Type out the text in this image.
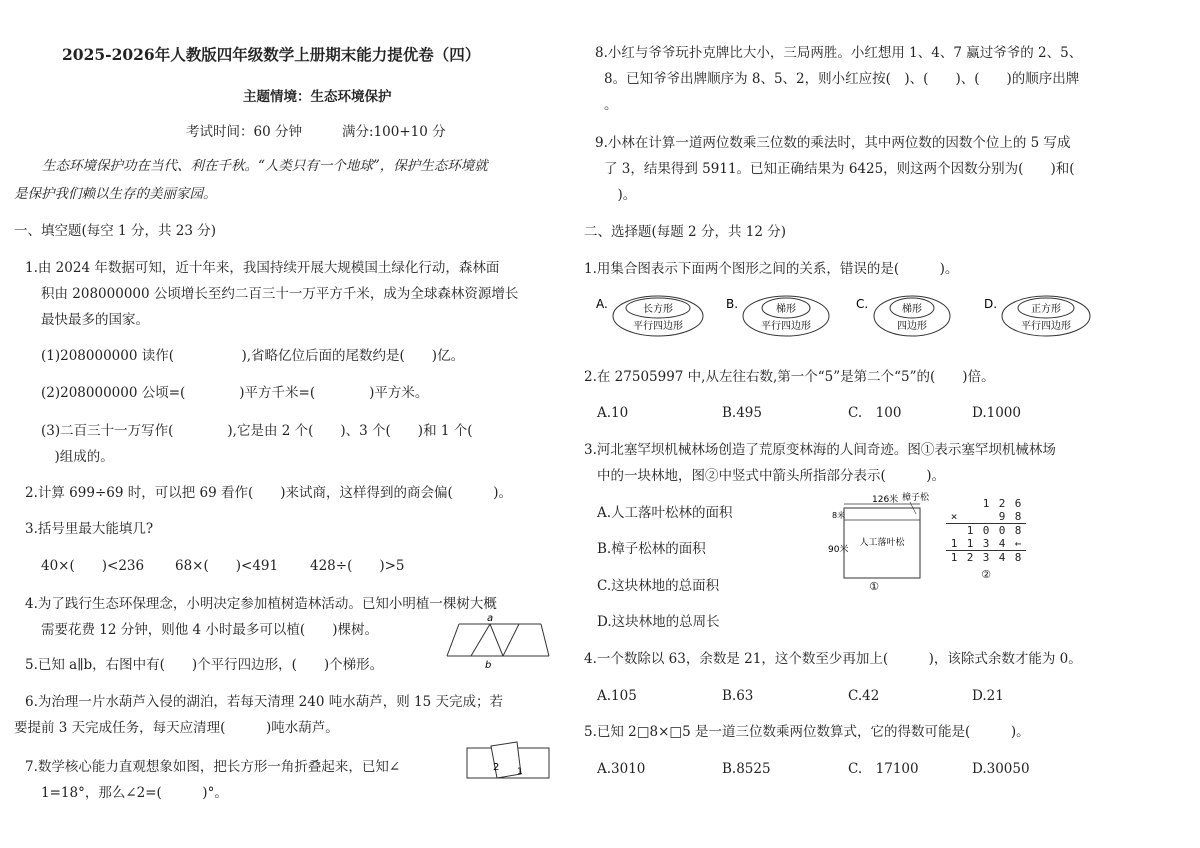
2025-2026年人教版四年级数学上册期末能力提优卷（四）
主题情境：生态环境保护
考试时间：60 分钟	满分:100+10 分
生态环境保护功在当代、利在千秋。“人类只有一个地球”，保护生态环境就
是保护我们赖以生存的美丽家园。
一、填空题(每空 1 分，共 23 分)
1.由 2024 年数据可知，近十年来，我国持续开展大规模国土绿化行动，森林面
积由 208000000 公顷增长至约二百三十一万平方千米，成为全球森林资源增长
最快最多的国家。
(1)208000000 读作(　　　　　),省略亿位后面的尾数约是(　　)亿。
(2)208000000 公顷=(　　　　)平方千米=(　　　　)平方米。
(3)二百三十一万写作(　　　　),它是由 2 个(　　)、3 个(　　)和 1 个(
　)组成的。
2.计算 699÷69 时，可以把 69 看作(　　)来试商，这样得到的商会偏(　　　)。
3.括号里最大能填几?
40×(　　)<236 68×(　　)<491 428÷(　　)>5
4.为了践行生态环保理念，小明决定参加植树造林活动。已知小明植一棵树大概
需要花费 12 分钟，则他 4 小时最多可以植(　　)棵树。
5.已知 a∥b，右图中有(　　)个平行四边形，(　　)个梯形。
a
b
6.为治理一片水葫芦入侵的湖泊，若每天清理 240 吨水葫芦，则 15 天完成；若
要提前 3 天完成任务，每天应清理(　　　)吨水葫芦。
7.数学核心能力直观想象如图，把长方形一角折叠起来，已知∠
1=18°，那么∠2=(　　　)°。
2 1
8.小红与爷爷玩扑克牌比大小，三局两胜。小红想用 1、4、7 赢过爷爷的 2、5、
8。已知爷爷出牌顺序为 8、5、2，则小红应按(　)、(　　)、(　　)的顺序出牌
。
9.小林在计算一道两位数乘三位数的乘法时，其中两位数的因数个位上的 5 写成
了 3，结果得到 5911。已知正确结果为 6425，则这两个因数分别为(　　)和(
　)。
二、选择题(每题 2 分，共 12 分)
1.用集合图表示下面两个图形之间的关系，错误的是(　　　)。
A.	长方形
平行四边形
B.	梯形
平行四边形
C.	梯形
四边形
D.	正方形
平行四边形
2.在 27505997 中,从左往右数,第一个“5”是第二个“5”的(　　)倍。
A.10	B.495	C.　100	D.1000
3.河北塞罕坝机械林场创造了荒原变林海的人间奇迹。图①表示塞罕坝机械林场
中的一块林地，图②中竖式中箭头所指部分表示(　　　)。
A.人工落叶松林的面积
B.樟子松林的面积
C.这块林地的总面积
D.这块林地的总周长
126米 樟子松
8米
90米
人工落叶松
①
1 2 6
×	9 8
1 0 0 8
1 1 3 4 ←
1 2 3 4 8
②
4.一个数除以 63，余数是 21，这个数至少再加上(　　　)，该除式余数才能为 0。
A.105	B.63	C.42	D.21
5.已知 2□8×□5 是一道三位数乘两位数算式，它的得数可能是(　　　)。
A.3010	B.8525	C.　17100	D.30050
